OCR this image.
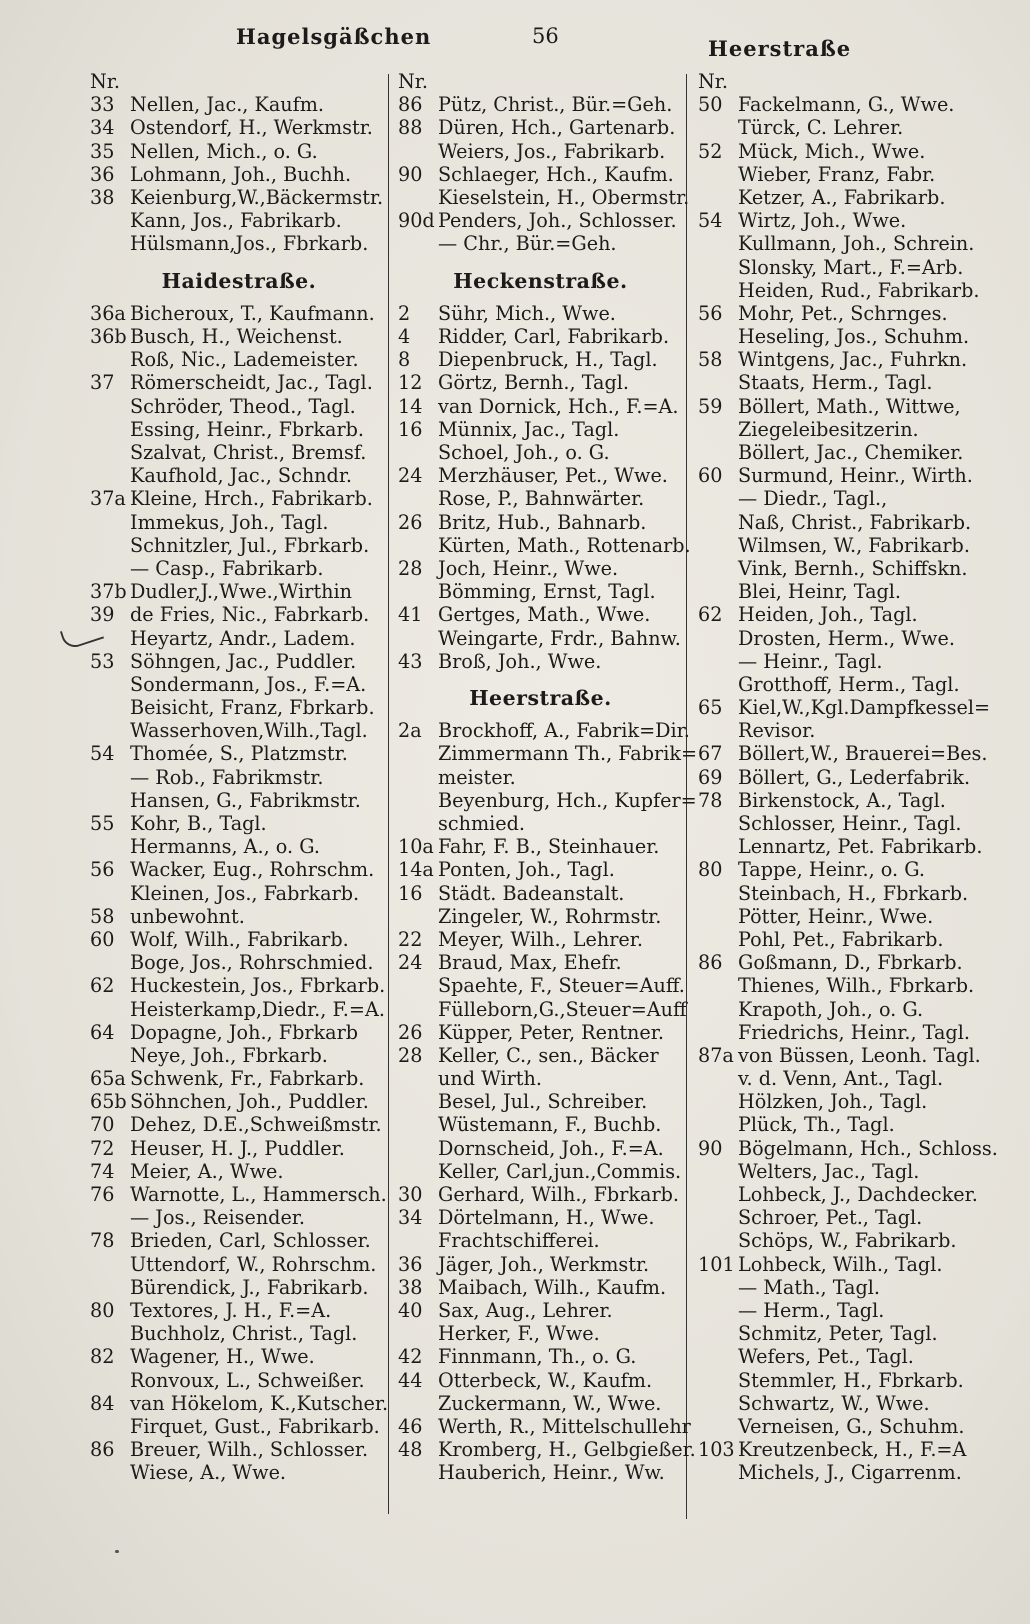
Hagelsgäßchen	56	Heerstraße
Nr.
33 Nellen, Jac., Kaufm.
34 Ostendorf, H., Werkmstr.
35 Nellen, Mich., o. G.
36 Lohmann, Joh., Buchh.
38 Keienburg,W.,Bäckermstr.
Kann, Jos., Fabrikarb.
Hülsmann,Jos., Fbrkarb.
Haidestraße.
36a Bicheroux, T., Kaufmann.
36b Busch, H., Weichenst.
Roß, Nic., Lademeister.
37 Römerscheidt, Jac., Tagl.
Schröder, Theod., Tagl.
Essing, Heinr., Fbrkarb.
Szalvat, Christ., Bremsf.
Kaufhold, Jac., Schndr.
37a Kleine, Hrch., Fabrikarb.
Immekus, Joh., Tagl.
Schnitzler, Jul., Fbrkarb.
— Casp., Fabrikarb.
37b Dudler,J.,Wwe.,Wirthin
39 de Fries, Nic., Fabrkarb.
Heyartz, Andr., Ladem.
53 Söhngen, Jac., Puddler.
Sondermann, Jos., F.=A.
Beisicht, Franz, Fbrkarb.
Wasserhoven,Wilh.,Tagl.
54 Thomée, S., Platzmstr.
— Rob., Fabrikmstr.
Hansen, G., Fabrikmstr.
55 Kohr, B., Tagl.
Hermanns, A., o. G.
56 Wacker, Eug., Rohrschm.
Kleinen, Jos., Fabrkarb.
58 unbewohnt.
60 Wolf, Wilh., Fabrikarb.
Boge, Jos., Rohrschmied.
62 Huckestein, Jos., Fbrkarb.
Heisterkamp,Diedr., F.=A.
64 Dopagne, Joh., Fbrkarb
Neye, Joh., Fbrkarb.
65a Schwenk, Fr., Fabrkarb.
65b Söhnchen, Joh., Puddler.
70 Dehez, D.E.,Schweißmstr.
72 Heuser, H. J., Puddler.
74 Meier, A., Wwe.
76 Warnotte, L., Hammersch.
— Jos., Reisender.
78 Brieden, Carl, Schlosser.
Uttendorf, W., Rohrschm.
Bürendick, J., Fabrikarb.
80 Textores, J. H., F.=A.
Buchholz, Christ., Tagl.
82 Wagener, H., Wwe.
Ronvoux, L., Schweißer.
84 van Hökelom, K.,Kutscher.
Firquet, Gust., Fabrikarb.
86 Breuer, Wilh., Schlosser.
Wiese, A., Wwe.
Nr.
86 Pütz, Christ., Bür.=Geh.
88 Düren, Hch., Gartenarb.
Weiers, Jos., Fabrikarb.
90 Schlaeger, Hch., Kaufm.
Kieselstein, H., Obermstr.
90d Penders, Joh., Schlosser.
— Chr., Bür.=Geh.
Heckenstraße.
2 Sühr, Mich., Wwe.
4 Ridder, Carl, Fabrikarb.
8 Diepenbruck, H., Tagl.
12 Görtz, Bernh., Tagl.
14 van Dornick, Hch., F.=A.
16 Münnix, Jac., Tagl.
Schoel, Joh., o. G.
24 Merzhäuser, Pet., Wwe.
Rose, P., Bahnwärter.
26 Britz, Hub., Bahnarb.
Kürten, Math., Rottenarb.
28 Joch, Heinr., Wwe.
Bömming, Ernst, Tagl.
41 Gertges, Math., Wwe.
Weingarte, Frdr., Bahnw.
43 Broß, Joh., Wwe.
Heerstraße.
2a Brockhoff, A., Fabrik=Dir.
Zimmermann Th., Fabrik=
meister.
Beyenburg, Hch., Kupfer=
schmied.
10a Fahr, F. B., Steinhauer.
14a Ponten, Joh., Tagl.
16 Städt. Badeanstalt.
Zingeler, W., Rohrmstr.
22 Meyer, Wilh., Lehrer.
24 Braud, Max, Ehefr.
Spaehte, F., Steuer=Auff.
Fülleborn,G.,Steuer=Auff
26 Küpper, Peter, Rentner.
28 Keller, C., sen., Bäcker
und Wirth.
Besel, Jul., Schreiber.
Wüstemann, F., Buchb.
Dornscheid, Joh., F.=A.
Keller, Carl,jun.,Commis.
30 Gerhard, Wilh., Fbrkarb.
34 Dörtelmann, H., Wwe.
Frachtschifferei.
36 Jäger, Joh., Werkmstr.
38 Maibach, Wilh., Kaufm.
40 Sax, Aug., Lehrer.
Herker, F., Wwe.
42 Finnmann, Th., o. G.
44 Otterbeck, W., Kaufm.
Zuckermann, W., Wwe.
46 Werth, R., Mittelschullehr
48 Kromberg, H., Gelbgießer.
Hauberich, Heinr., Ww.
Nr.
50 Fackelmann, G., Wwe.
Türck, C. Lehrer.
52 Mück, Mich., Wwe.
Wieber, Franz, Fabr.
Ketzer, A., Fabrikarb.
54 Wirtz, Joh., Wwe.
Kullmann, Joh., Schrein.
Slonsky, Mart., F.=Arb.
Heiden, Rud., Fabrikarb.
56 Mohr, Pet., Schrnges.
Heseling, Jos., Schuhm.
58 Wintgens, Jac., Fuhrkn.
Staats, Herm., Tagl.
59 Böllert, Math., Wittwe,
Ziegeleibesitzerin.
Böllert, Jac., Chemiker.
60 Surmund, Heinr., Wirth.
— Diedr., Tagl.,
Naß, Christ., Fabrikarb.
Wilmsen, W., Fabrikarb.
Vink, Bernh., Schiffskn.
Blei, Heinr, Tagl.
62 Heiden, Joh., Tagl.
Drosten, Herm., Wwe.
— Heinr., Tagl.
Grotthoff, Herm., Tagl.
65 Kiel,W.,Kgl.Dampfkessel=
Revisor.
67 Böllert,W., Brauerei=Bes.
69 Böllert, G., Lederfabrik.
78 Birkenstock, A., Tagl.
Schlosser, Heinr., Tagl.
Lennartz, Pet. Fabrikarb.
80 Tappe, Heinr., o. G.
Steinbach, H., Fbrkarb.
Pötter, Heinr., Wwe.
Pohl, Pet., Fabrikarb.
86 Goßmann, D., Fbrkarb.
Thienes, Wilh., Fbrkarb.
Krapoth, Joh., o. G.
Friedrichs, Heinr., Tagl.
87a von Büssen, Leonh. Tagl.
v. d. Venn, Ant., Tagl.
Hölzken, Joh., Tagl.
Plück, Th., Tagl.
90 Bögelmann, Hch., Schloss.
Welters, Jac., Tagl.
Lohbeck, J., Dachdecker.
Schroer, Pet., Tagl.
Schöps, W., Fabrikarb.
101 Lohbeck, Wilh., Tagl.
— Math., Tagl.
— Herm., Tagl.
Schmitz, Peter, Tagl.
Wefers, Pet., Tagl.
Stemmler, H., Fbrkarb.
Schwartz, W., Wwe.
Verneisen, G., Schuhm.
103 Kreutzenbeck, H., F.=A
Michels, J., Cigarrenm.
